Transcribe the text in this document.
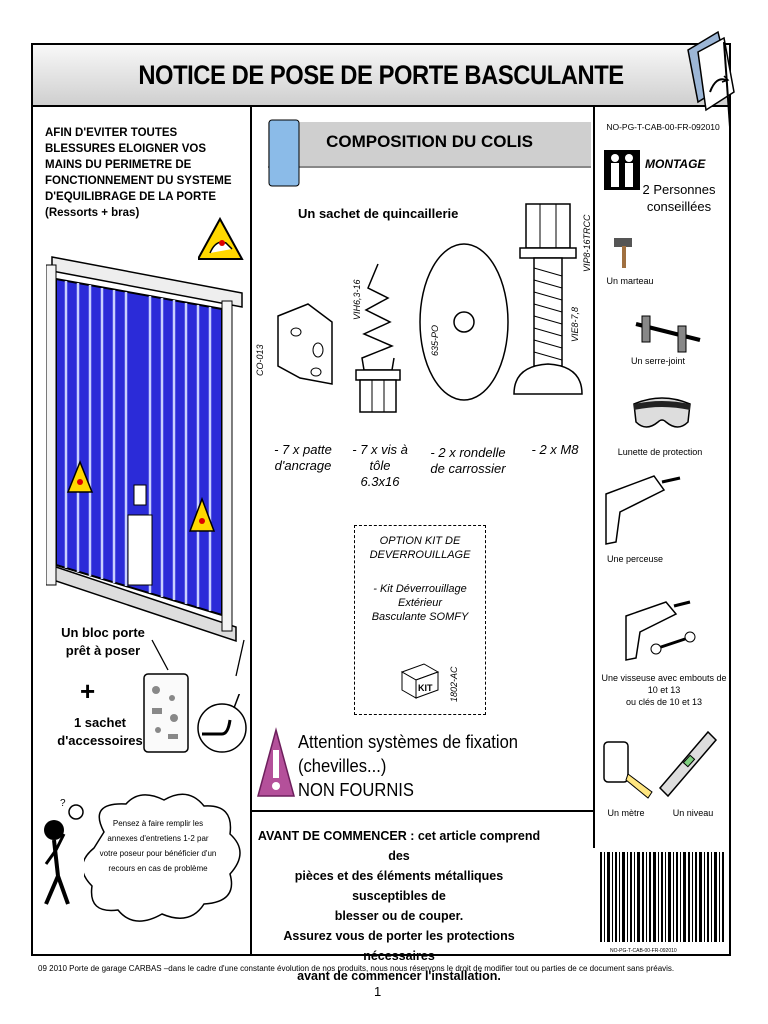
NOTICE DE POSE DE PORTE BASCULANTE
AFIN D'EVITER TOUTES BLESSURES ELOIGNER VOS MAINS DU PERIMETRE DE FONCTIONNEMENT DU SYSTEME D'EQUILIBRAGE DE LA PORTE (Ressorts + bras)
Un bloc porte
prêt à poser
+
1 sachet
d'accessoires
?
Pensez à faire remplir les annexes d'entretiens 1-2 par votre poseur pour bénéficier d'un recours en cas de problème
COMPOSITION DU COLIS
NO-PG-T-CAB-00-FR-092010
Un sachet de quincaillerie
CO-013
VIH6,3-16
635-PO	VIE8-7,8
VIP8-16TRCC
- 7 x patte
d'ancrage
- 7 x vis à tôle
6.3x16
- 2 x rondelle
de carrossier
- 2 x M8
OPTION KIT DE
DEVERROUILLAGE
- Kit Déverrouillage Extérieur
Basculante SOMFY
KIT 1802-AC
Attention systèmes de fixation (chevilles...)
NON FOURNIS
AVANT DE COMMENCER : cet article comprend des
pièces et des éléments métalliques susceptibles de
blesser ou de couper.
Assurez vous de porter les protections nécessaires
avant de commencer l'installation.
MONTAGE
2 Personnes
conseillées
Un marteau
Un serre-joint
Lunette de protection
Une perceuse
Une visseuse avec embouts de
10 et 13
ou clés de 10 et 13
Un mètre	Un niveau
NO-PG-T-CAB-00-FR-092010
09 2010 Porte de garage CARBAS –dans le cadre d'une constante évolution de nos produits, nous nous réservons le droit de modifier tout ou parties de ce document sans préavis.
1
